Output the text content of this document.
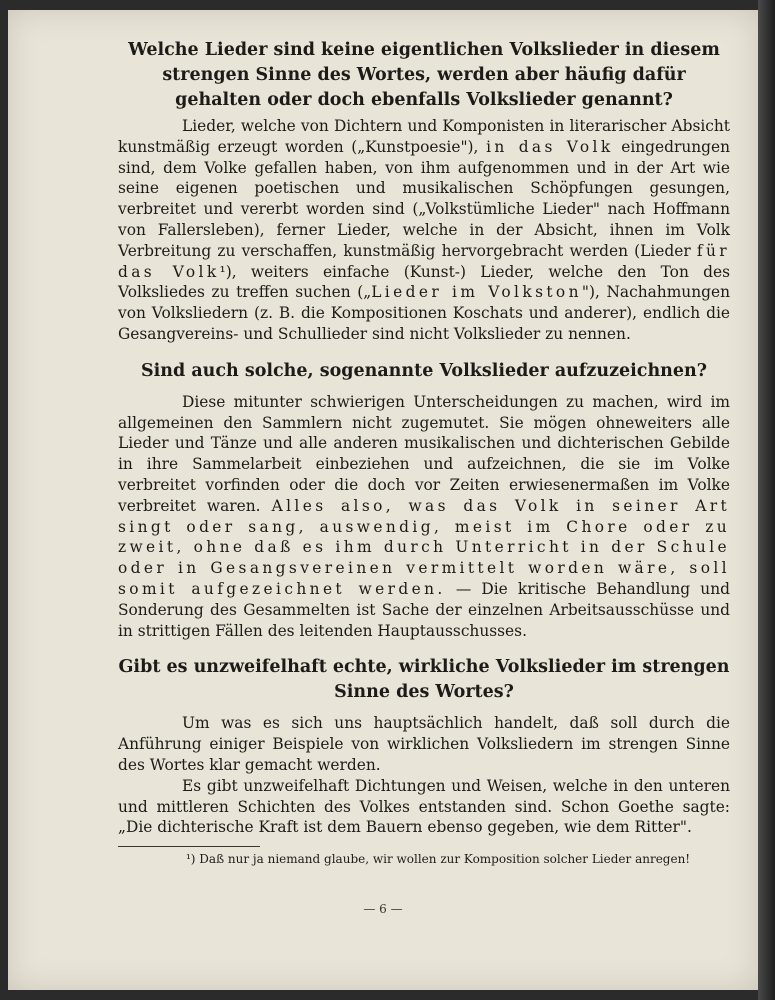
Welche Lieder sind keine eigentlichen Volkslieder in diesem strengen Sinne des Wortes, werden aber häufig dafür gehalten oder doch ebenfalls Volkslieder genannt?

Lieder, welche von Dichtern und Komponisten in literarischer Absicht kunstmäßig erzeugt worden („Kunstpoesie"), in das Volk eingedrungen sind, dem Volke gefallen haben, von ihm aufgenommen und in der Art wie seine eigenen poetischen und musikalischen Schöpfungen gesungen, verbreitet und vererbt worden sind („Volkstümliche Lieder" nach Hoffmann von Fallersleben), ferner Lieder, welche in der Absicht, ihnen im Volk Verbreitung zu verschaffen, kunstmäßig hervorgebracht werden (Lieder für das Volk¹), weiters einfache (Kunst-) Lieder, welche den Ton des Volksliedes zu treffen suchen („Lieder im Volkston"), Nachahmungen von Volksliedern (z. B. die Kompositionen Koschats und anderer), endlich die Gesangvereins- und Schullieder sind nicht Volkslieder zu nennen.

Sind auch solche, sogenannte Volkslieder aufzuzeichnen?

Diese mitunter schwierigen Unterscheidungen zu machen, wird im allgemeinen den Sammlern nicht zugemutet. Sie mögen ohneweiters alle Lieder und Tänze und alle anderen musikalischen und dichterischen Gebilde in ihre Sammelarbeit einbeziehen und aufzeichnen, die sie im Volke verbreitet vorfinden oder die doch vor Zeiten erwiesenermaßen im Volke verbreitet waren. Alles also, was das Volk in seiner Art singt oder sang, auswendig, meist im Chore oder zu zweit, ohne daß es ihm durch Unterricht in der Schule oder in Gesangsvereinen vermittelt worden wäre, soll somit aufgezeichnet werden. — Die kritische Behandlung und Sonderung des Gesammelten ist Sache der einzelnen Arbeitsausschüsse und in strittigen Fällen des leitenden Hauptausschusses.

Gibt es unzweifelhaft echte, wirkliche Volkslieder im strengen Sinne des Wortes?

Um was es sich uns hauptsächlich handelt, daß soll durch die Anführung einiger Beispiele von wirklichen Volksliedern im strengen Sinne des Wortes klar gemacht werden.

Es gibt unzweifelhaft Dichtungen und Weisen, welche in den unteren und mittleren Schichten des Volkes entstanden sind. Schon Goethe sagte: „Die dichterische Kraft ist dem Bauern ebenso gegeben, wie dem Ritter".

¹) Daß nur ja niemand glaube, wir wollen zur Komposition solcher Lieder anregen!

— 6 —
